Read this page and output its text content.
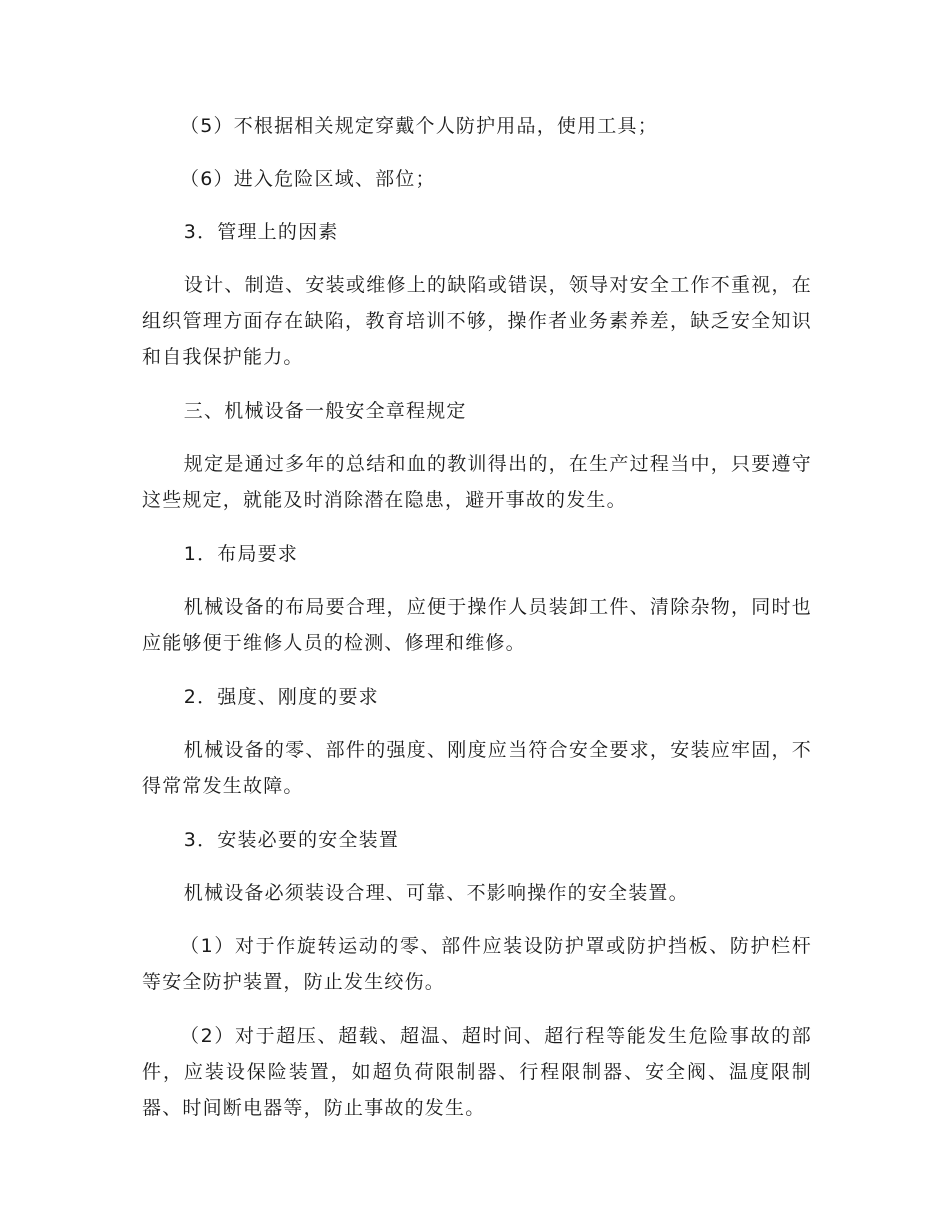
（5）不根据相关规定穿戴个人防护用品，使用工具；

（6）进入危险区域、部位；

3．管理上的因素

设计、制造、安装或维修上的缺陷或错误，领导对安全工作不重视，在组织管理方面存在缺陷，教育培训不够，操作者业务素养差，缺乏安全知识和自我保护能力。

三、机械设备一般安全章程规定

规定是通过多年的总结和血的教训得出的，在生产过程当中，只要遵守这些规定，就能及时消除潜在隐患，避开事故的发生。

1．布局要求

机械设备的布局要合理，应便于操作人员装卸工件、清除杂物，同时也应能够便于维修人员的检测、修理和维修。

2．强度、刚度的要求

机械设备的零、部件的强度、刚度应当符合安全要求，安装应牢固，不得常常发生故障。

3．安装必要的安全装置

机械设备必须装设合理、可靠、不影响操作的安全装置。

（1）对于作旋转运动的零、部件应装设防护罩或防护挡板、防护栏杆等安全防护装置，防止发生绞伤。

（2）对于超压、超载、超温、超时间、超行程等能发生危险事故的部件，应装设保险装置，如超负荷限制器、行程限制器、安全阀、温度限制器、时间断电器等，防止事故的发生。
